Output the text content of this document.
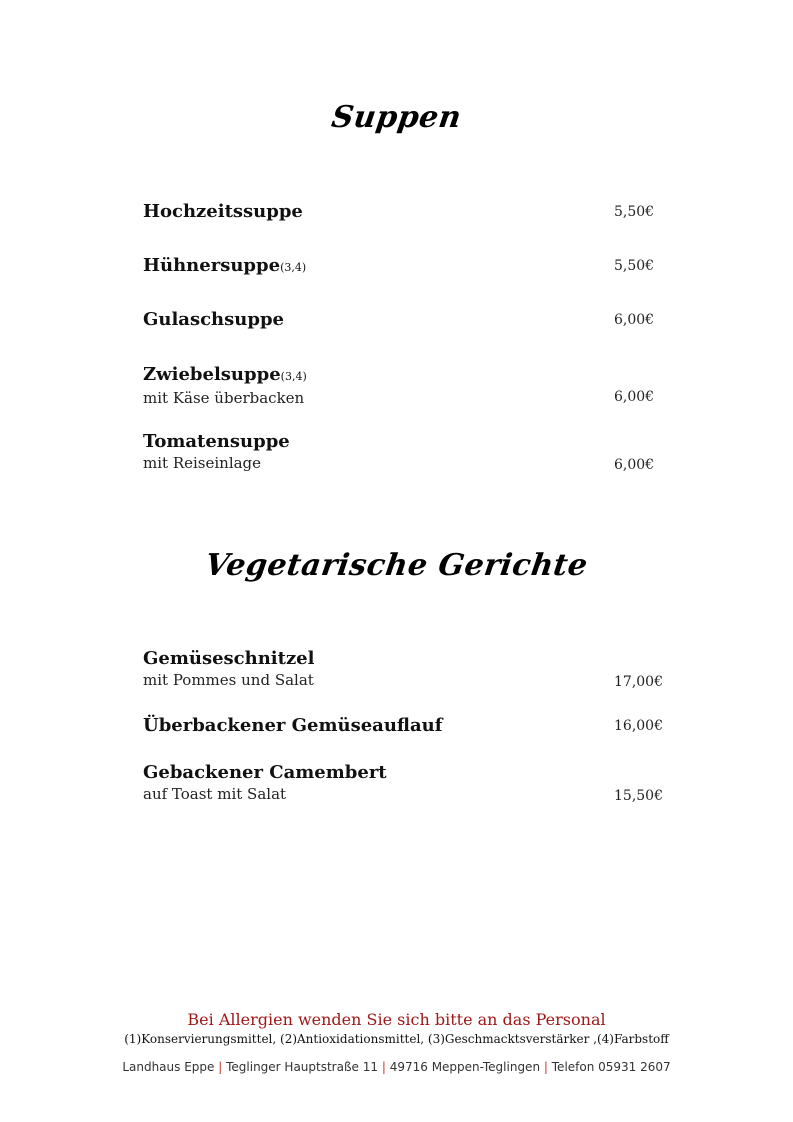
Suppen
Hochzeitssuppe	5,50€
Hühnersuppe(3,4)	5,50€
Gulaschsuppe	6,00€
Zwiebelsuppe(3,4)
mit Käse überbacken	6,00€
Tomatensuppe
mit Reiseinlage	6,00€
Vegetarische Gerichte
Gemüseschnitzel
mit Pommes und Salat	17,00€
Überbackener Gemüseauflauf	16,00€
Gebackener Camembert
auf Toast mit Salat	15,50€
Bei Allergien wenden Sie sich bitte an das Personal
(1)Konservierungsmittel, (2)Antioxidationsmittel, (3)Geschmacktsverstärker ,(4)Farbstoff
Landhaus Eppe | Teglinger Hauptstraße 11 | 49716 Meppen-Teglingen | Telefon 05931 2607
